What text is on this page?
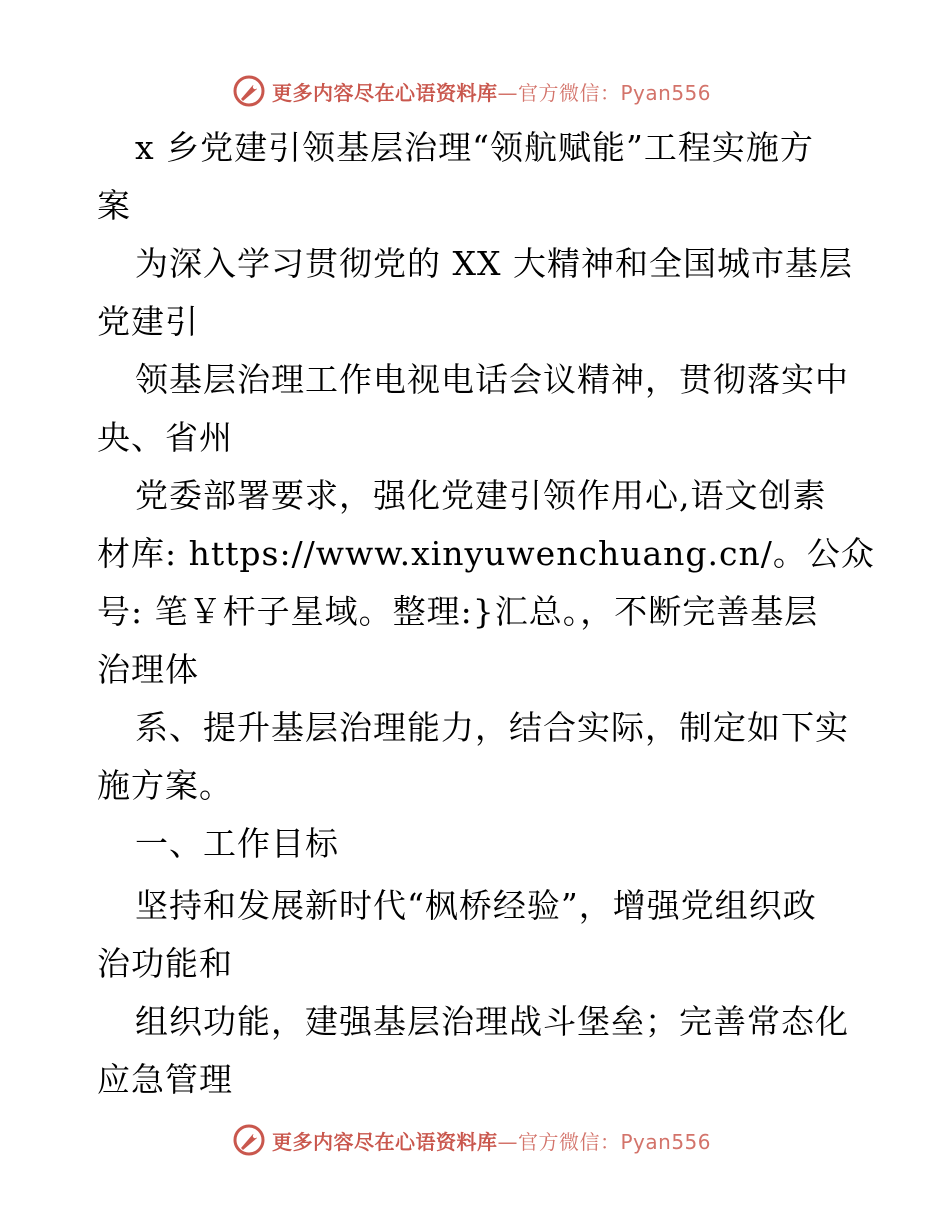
更多内容尽在心语资料库—官方微信：Pyan556
x 乡党建引领基层治理“领航赋能”工程实施方
案
为深入学习贯彻党的 XX 大精神和全国城市基层
党建引
领基层治理工作电视电话会议精神，贯彻落实中
央、省州
党委部署要求，强化党建引领作用心,语文创素
材库: https://www.xinyuwenchuang.cn/。公众
号: 笔￥杆子星域。整理:}汇总。，不断完善基层
治理体
系、提升基层治理能力，结合实际，制定如下实
施方案。
一、工作目标
坚持和发展新时代“枫桥经验”，增强党组织政
治功能和
组织功能，建强基层治理战斗堡垒；完善常态化
应急管理
更多内容尽在心语资料库—官方微信：Pyan556
